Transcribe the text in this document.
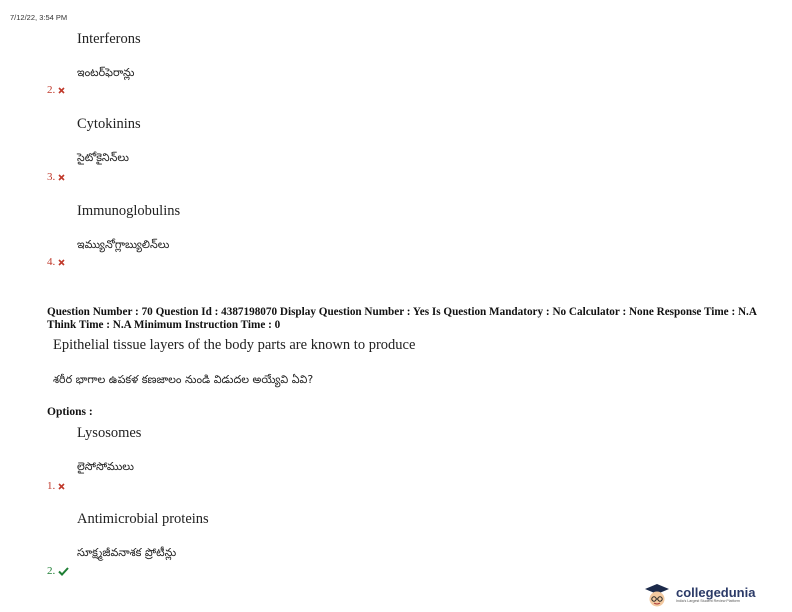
7/12/22, 3:54 PM
Interferons
ఇంటర్‌ఫెరాన్లు
2.
Cytokinins
సైటోకైనిన్‌లు
3.
Immunoglobulins
ఇమ్యునోగ్లాబ్యులిన్‌లు
4.
Question Number : 70 Question Id : 4387198070 Display Question Number : Yes Is Question Mandatory : No Calculator : None Response Time : N.A Think Time : N.A Minimum Instruction Time : 0
Epithelial tissue layers of the body parts are known to produce
శరీర భాగాల ఉపకళ కణజాలం నుండి విడుదల అయ్యేవి ఏవి?
Options :
Lysosomes
లైసోసోములు
1.
Antimicrobial proteins
సూక్ష్మజీవనాశక ప్రోటీన్లు
2.
collegedunia
India's Largest Student Review Platform
